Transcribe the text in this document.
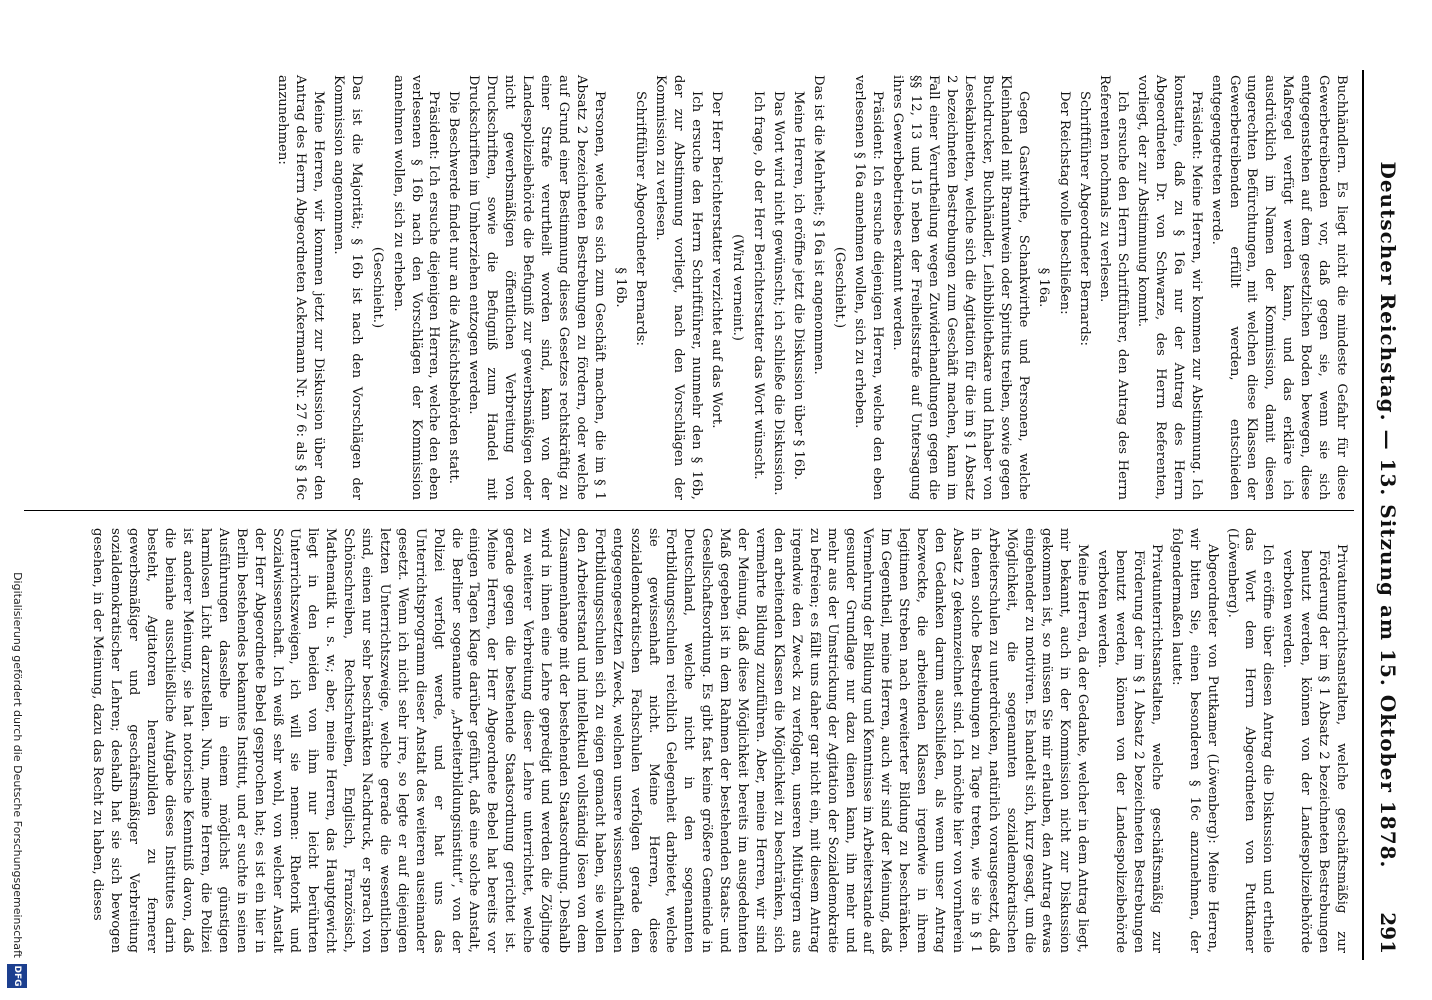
Deutscher Reichstag. — 13. Sitzung am 15. Oktober 1878.
291

Buchhändlern. Es liegt nicht die mindeste Gefahr für diese Gewerbetreibenden vor, daß gegen sie, wenn sie sich entgegenstehen auf dem gesetzlichen Boden bewegen, diese Maßregel verfügt werden kann, und das erkläre ich ausdrücklich im Namen der Kommission, damit diesen ungerechten Befürchtungen, mit welchen diese Klassen der Gewerbetreibenden erfüllt werden, entschieden entgegengetreten werde.

Präsident: Meine Herren, wir kommen zur Abstimmung. Ich konstatire, daß zu § 16a nur der Antrag des Herrn Abgeordneten Dr. von Schwarze, des Herrn Referenten, vorliegt, der zur Abstimmung kommt.

Ich ersuche den Herrn Schriftführer, den Antrag des Herrn Referenten nochmals zu verlesen.

Schriftführer Abgeordneter Bernards:

Der Reichstag wolle beschließen:

§ 16a.

Gegen Gastwirthe, Schankwirthe und Personen, welche Kleinhandel mit Branntwein oder Spiritus treiben, sowie gegen Buchdrucker, Buchhändler, Leihbibliothekare und Inhaber von Lesekabinetten, welche sich die Agitation für die im § 1 Absatz 2 bezeichneten Bestrebungen zum Geschäft machen, kann im Fall einer Verurtheilung wegen Zuwiderhandlungen gegen die §§ 12, 13 und 15 neben der Freiheitsstrafe auf Untersagung ihres Gewerbebetriebes erkannt werden.

Präsident: Ich ersuche diejenigen Herren, welche den eben verlesenen § 16a annehmen wollen, sich zu erheben.

(Geschieht.)

Das ist die Mehrheit; § 16a ist angenommen.

Meine Herren, ich eröffne jetzt die Diskussion über § 16b.

Das Wort wird nicht gewünscht; ich schließe die Diskussion.

Ich frage, ob der Herr Berichterstatter das Wort wünscht.

(Wird verneint.)

Der Herr Berichterstatter verzichtet auf das Wort.

Ich ersuche den Herrn Schriftführer, nunmehr den § 16b, der zur Abstimmung vorliegt, nach den Vorschlägen der Kommission zu verlesen.

Schriftführer Abgeordneter Bernards:

§ 16b.

Personen, welche es sich zum Geschäft machen, die im § 1 Absatz 2 bezeichneten Bestrebungen zu fördern, oder welche auf Grund einer Bestimmung dieses Gesetzes rechtskräftig zu einer Strafe verurtheilt worden sind, kann von der Landespolizeibehörde die Befugniß zur gewerbsmäßigen oder nicht gewerbsmäßigen öffentlichen Verbreitung von Druckschriften, sowie die Befugniß zum Handel mit Druckschriften im Umherziehen entzogen werden.

Die Beschwerde findet nur an die Aufsichtsbehörden statt.

Präsident: Ich ersuche diejenigen Herren, welche den eben verlesenen § 16b nach den Vorschlägen der Kommission annehmen wollen, sich zu erheben.

(Geschieht.)

Das ist die Majorität; § 16b ist nach den Vorschlägen der Kommission angenommen.

Meine Herren, wir kommen jetzt zur Diskussion über den Antrag des Herrn Abgeordneten Ackermann Nr. 27 6: als § 16c anzunehmen:

Privatunterrichtsanstalten, welche geschäftsmäßig zur Förderung der im § 1 Absatz 2 bezeichneten Bestrebungen benutzt werden, können von der Landespolizeibehörde verboten werden.

Ich eröffne über diesen Antrag die Diskussion und ertheile das Wort dem Herrn Abgeordneten von Puttkamer (Löwenberg).

Abgeordneter von Puttkamer (Löwenberg): Meine Herren, wir bitten Sie, einen besonderen § 16c anzunehmen, der folgendermaßen lautet:

Privatunterrichtsanstalten, welche geschäftsmäßig zur Förderung der im § 1 Absatz 2 bezeichneten Bestrebungen benutzt werden, können von der Landespolizeibehörde verboten werden.

Meine Herren, da der Gedanke, welcher in dem Antrag liegt, mir bekannt, auch in der Kommission nicht zur Diskussion gekommen ist, so müssen Sie mir erlauben, den Antrag etwas eingehender zu motiviren. Es handelt sich, kurz gesagt, um die Möglichkeit, die sogenannten sozialdemokratischen Arbeiterschulen zu unterdrücken, natürlich vorausgesetzt, daß in denen solche Bestrebungen zu Tage treten, wie sie in § 1 Absatz 2 gekennzeichnet sind. Ich möchte hier von vornherein den Gedanken darum ausschließen, als wenn unser Antrag bezweckte, die arbeitenden Klassen irgendwie in ihrem legitimen Streben nach erweiterter Bildung zu beschränken. Im Gegentheil, meine Herren, auch wir sind der Meinung, daß Vermehrung der Bildung und Kenntnisse im Arbeiterstande auf gesunder Grundlage nur dazu dienen kann, ihn mehr und mehr aus der Umstrickung der Agitation der Sozialdemokratie zu befreien; es fällt uns daher gar nicht ein, mit diesem Antrag irgendwie den Zweck zu verfolgen, unseren Mitbürgern aus den arbeitenden Klassen die Möglichkeit zu beschränken, sich vermehrte Bildung zuzuführen. Aber, meine Herren, wir sind der Meinung, daß diese Möglichkeit bereits im ausgedehnten Maß gegeben ist in dem Rahmen der bestehenden Staats- und Gesellschaftsordnung. Es gibt fast keine größere Gemeinde in Deutschland, welche nicht in den sogenannten Fortbildungsschulen reichlich Gelegenheit darbietet, welche sie gewissenhaft nicht. Meine Herren, diese sozialdemokratischen Fachschulen verfolgen gerade den entgegengesetzten Zweck, welchen unsere wissenschaftlichen Fortbildungsschulen sich zu eigen gemacht haben, sie wollen den Arbeiterstand und intellektuell vollständig lösen von dem Zusammenhange mit der bestehenden Staatsordnung. Deshalb wird in ihnen eine Lehre gepredigt und werden die Zöglinge zu weiterer Verbreitung dieser Lehre unterrichtet, welche gerade gegen die bestehende Staatsordnung gerichtet ist. Meine Herren, der Herr Abgeordnete Bebel hat bereits vor einigen Tagen Klage darüber geführt, daß eine solche Anstalt, die Berliner sogenannte „Arbeiterbildungsinstitut“, von der Polizei verfolgt werde, und er hat uns das Unterrichtsprogramm dieser Anstalt des weiteren auseinander gesetzt. Wenn ich nicht sehr irre, so legte er auf diejenigen letzten Unterrichtszweige, welche gerade die wesentlichen sind, einen nur sehr beschränkten Nachdruck, er sprach von Schönschreiben, Rechtschreiben, Englisch, Französisch, Mathematik u. s. w.; aber, meine Herren, das Hauptgewicht liegt in den beiden von ihm nur leicht berührten Unterrichtszweigen, ich will sie nennen: Rhetorik und Sozialwissenschaft. Ich weiß sehr wohl, von welcher Anstalt der Herr Abgeordnete Bebel gesprochen hat; es ist ein hier in Berlin bestehendes bekanntes Institut, und er suchte in seinen Ausführungen dasselbe in einem möglichst günstigen harmlosen Licht darzustellen. Nun, meine Herren, die Polizei ist anderer Meinung, sie hat notorische Kenntniß davon, daß die beinahe ausschließliche Aufgabe dieses Institutes darin besteht, Agitatoren heranzubilden zu fernerer gewerbsmäßiger und geschäftsmäßiger Verbreitung sozialdemokratischer Lehren; deshalb hat sie sich bewogen gesehen, in der Meinung, dazu das Recht zu haben, dieses

Digitalisierung gefördert durch die Deutsche Forschungsgemeinschaft
DFG
